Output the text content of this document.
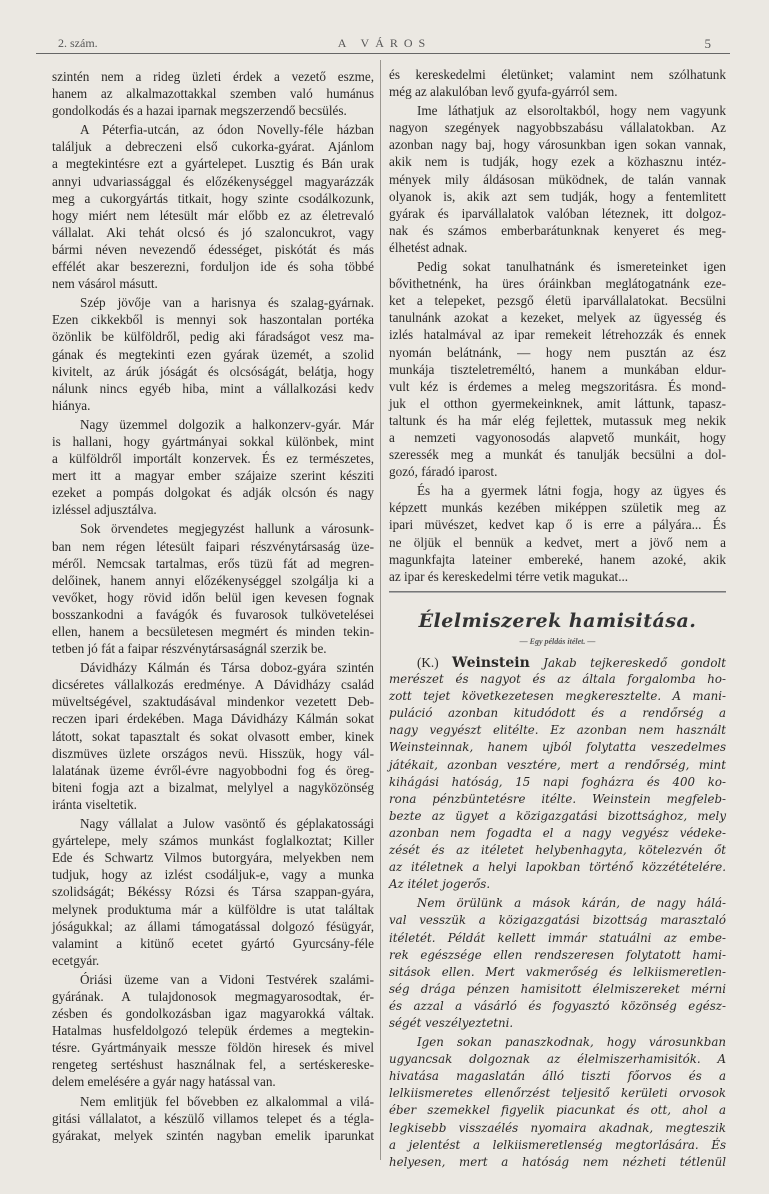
2. szám.	A VÁROS	5
szintén nem a rideg üzleti érdek a vezető eszme,
hanem az alkalmazottakkal szemben való humánus
gondolkodás és a hazai iparnak megszerzendő becsülés.
A Péterfia-utcán, az ódon Novelly-féle házban
találjuk a debreczeni első cukorka-gyárat. Ajánlom
a megtekintésre ezt a gyártelepet. Lusztig és Bán urak
annyi udvariassággal és előzékenységgel magyarázzák
meg a cukorgyártás titkait, hogy szinte csodálkozunk,
hogy miért nem létesült már előbb ez az életrevaló
vállalat. Aki tehát olcsó és jó szaloncukrot, vagy
bármi néven nevezendő édességet, piskótát és más
effélét akar beszerezni, forduljon ide és soha többé
nem vásárol másutt.
Szép jövője van a harisnya és szalag-gyárnak.
Ezen cikkekből is mennyi sok haszontalan portéka
özönlik be külföldről, pedig aki fáradságot vesz ma-
gának és megtekinti ezen gyárak üzemét, a szolid
kivitelt, az árúk jóságát és olcsóságát, belátja, hogy
nálunk nincs egyéb hiba, mint a vállalkozási kedv
hiánya.
Nagy üzemmel dolgozik a halkonzerv-gyár. Már
is hallani, hogy gyártmányai sokkal különbek, mint
a külföldről importált konzervek. És ez természetes,
mert itt a magyar ember szájaize szerint késziti
ezeket a pompás dolgokat és adják olcsón és nagy
izléssel adjusztálva.
Sok örvendetes megjegyzést hallunk a városunk-
ban nem régen létesült faipari részvénytársaság üze-
méről. Nemcsak tartalmas, erős tüzü fát ad megren-
delőinek, hanem annyi előzékenységgel szolgálja ki a
vevőket, hogy rövid időn belül igen kevesen fognak
bosszankodni a favágók és fuvarosok tulkövetelései
ellen, hanem a becsületesen megmért és minden tekin-
tetben jó fát a faipar részvénytársaságnál szerzik be.
Dávidházy Kálmán és Társa doboz-gyára szintén
dicséretes vállalkozás eredménye. A Dávidházy család
müveltségével, szaktudásával mindenkor vezetett Deb-
reczen ipari érdekében. Maga Dávidházy Kálmán sokat
látott, sokat tapasztalt és sokat olvasott ember, kinek
diszmüves üzlete országos nevü. Hisszük, hogy vál-
lalatának üzeme évről-évre nagyobbodni fog és öreg-
biteni fogja azt a bizalmat, melylyel a nagyközönség
iránta viseltetik.
Nagy vállalat a Julow vasöntő és géplakatossági
gyártelepe, mely számos munkást foglalkoztat; Killer
Ede és Schwartz Vilmos butorgyára, melyekben nem
tudjuk, hogy az izlést csodáljuk-e, vagy a munka
szolidságát; Békéssy Rózsi és Társa szappan-gyára,
melynek produktuma már a külföldre is utat találtak
jóságukkal; az állami támogatással dolgozó fésügyár,
valamint a kitünő ecetet gyártó Gyurcsány-féle
ecetgyár.
Óriási üzeme van a Vidoni Testvérek szalámi-
gyárának. A tulajdonosok megmagyarosodtak, ér-
zésben és gondolkozásban igaz magyarokká váltak.
Hatalmas husfeldolgozó telepük érdemes a megtekin-
tésre. Gyártmányaik messze földön hiresek és mivel
rengeteg sertéshust használnak fel, a sertéskereske-
delem emelésére a gyár nagy hatással van.
Nem emlitjük fel bővebben ez alkalommal a vilá-
gitási vállalatot, a készülő villamos telepet és a tégla-
gyárakat, melyek szintén nagyban emelik iparunkat
és kereskedelmi életünket; valamint nem szólhatunk
még az alakulóban levő gyufa-gyárról sem.
Ime láthatjuk az elsoroltakból, hogy nem vagyunk
nagyon szegények nagyobbszabásu vállalatokban. Az
azonban nagy baj, hogy városunkban igen sokan vannak,
akik nem is tudják, hogy ezek a közhasznu intéz-
mények mily áldásosan müködnek, de talán vannak
olyanok is, akik azt sem tudják, hogy a fentemlitett
gyárak és iparvállalatok valóban léteznek, itt dolgoz-
nak és számos emberbarátunknak kenyeret és meg-
élhetést adnak.
Pedig sokat tanulhatnánk és ismereteinket igen
bővithetnénk, ha üres óráinkban meglátogatnánk eze-
ket a telepeket, pezsgő életü iparvállalatokat. Becsülni
tanulnánk azokat a kezeket, melyek az ügyesség és
izlés hatalmával az ipar remekeit létrehozzák és ennek
nyomán belátnánk, — hogy nem pusztán az ész
munkája tiszteletreméltó, hanem a munkában eldur-
vult kéz is érdemes a meleg megszoritásra. És mond-
juk el otthon gyermekeinknek, amit láttunk, tapasz-
taltunk és ha már elég fejlettek, mutassuk meg nekik
a nemzeti vagyonosodás alapvető munkáit, hogy
szeressék meg a munkát és tanulják becsülni a dol-
gozó, fáradó iparost.
És ha a gyermek látni fogja, hogy az ügyes és
képzett munkás kezében miképpen születik meg az
ipari müvészet, kedvet kap ő is erre a pályára... És
ne öljük el bennük a kedvet, mert a jövő nem a
magunkfajta lateiner embereké, hanem azoké, akik
az ipar és kereskedelmi térre vetik magukat...
Élelmiszerek hamisitása.
— Egy példás itélet. —
(K.) Weinstein Jakab tejkereskedő gondolt
merészet és nagyot és az általa forgalomba ho-
zott tejet következetesen megkeresztelte. A mani-
puláció azonban kitudódott és a rendőrség a
nagy vegyészt elitélte. Ez azonban nem használt
Weinsteinnak, hanem ujból folytatta veszedelmes
játékait, azonban vesztére, mert a rendőrség, mint
kihágási hatóság, 15 napi fogházra és 400 ko-
rona pénzbüntetésre itélte. Weinstein megfeleb-
bezte az ügyet a közigazgatási bizottsághoz, mely
azonban nem fogadta el a nagy vegyész védeke-
zését és az itéletet helybenhagyta, kötelezvén őt
az itéletnek a helyi lapokban történő közzétételére.
Az itélet jogerős.
Nem örülünk a mások kárán, de nagy hálá-
val vesszük a közigazgatási bizottság marasztaló
itéletét. Példát kellett immár statuálni az embe-
rek egészsége ellen rendszeresen folytatott hami-
sitások ellen. Mert vakmerőség és lelkiismeretlen-
ség drága pénzen hamisitott élelmiszereket mérni
és azzal a vásárló és fogyasztó közönség egész-
ségét veszélyeztetni.
Igen sokan panaszkodnak, hogy városunkban
ugyancsak dolgoznak az élelmiszerhamisitók. A
hivatása magaslatán álló tiszti főorvos és a
lelkiismeretes ellenőrzést teljesitő kerületi orvosok
éber szemekkel figyelik piacunkat és ott, ahol a
legkisebb visszaélés nyomaira akadnak, megteszik
a jelentést a lelkiismeretlenség megtorlására. És
helyesen, mert a hatóság nem nézheti tétlenül
